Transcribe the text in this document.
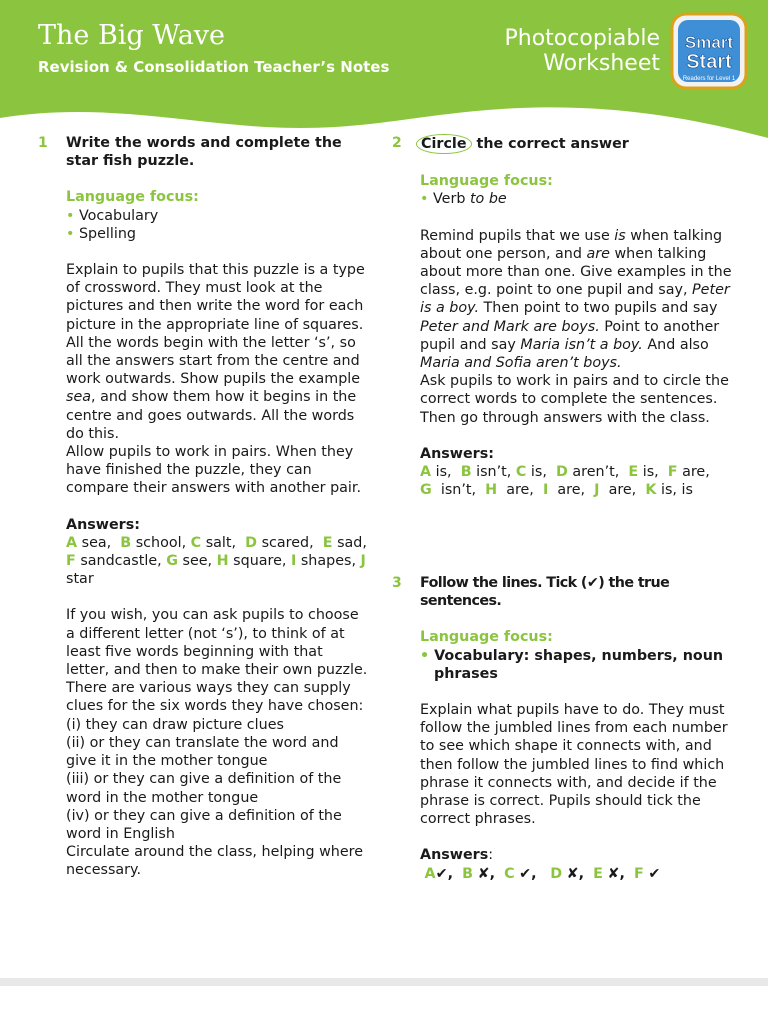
The Big Wave
Revision & Consolidation Teacher’s Notes
Photocopiable
Worksheet
Smart
Start
Readers for Level 1
1 Write the words and complete the star fish puzzle.

Language focus:

• Vocabulary

• Spelling

Explain to pupils that this puzzle is a type of crossword. They must look at the pictures and then write the word for each picture in the appropriate line of squares. All the words begin with the letter ‘s’, so all the answers start from the centre and work outwards. Show pupils the example sea, and show them how it begins in the centre and goes outwards. All the words do this.

Allow pupils to work in pairs. When they have finished the puzzle, they can compare their answers with another pair.

Answers:

A sea, B school, C salt, D scared, E sad, F sandcastle, G see, H square, I shapes, J star

If you wish, you can ask pupils to choose a different letter (not ‘s’), to think of at least five words beginning with that letter, and then to make their own puzzle. There are various ways they can supply clues for the six words they have chosen:

(i) they can draw picture clues

(ii) or they can translate the word and give it in the mother tongue

(iii) or they can give a definition of the word in the mother tongue

(iv) or they can give a definition of the word in English

Circulate around the class, helping where necessary.

2 Circle the correct answer

Language focus:

• Verb to be

Remind pupils that we use is when talking about one person, and are when talking about more than one. Give examples in the class, e.g. point to one pupil and say, Peter is a boy. Then point to two pupils and say Peter and Mark are boys. Point to another pupil and say Maria isn’t a boy. And also Maria and Sofia aren’t boys.

Ask pupils to work in pairs and to circle the correct words to complete the sentences. Then go through answers with the class.

Answers:

A is, B isn’t, C is, D aren’t, E is, F are,
G isn’t, H are, I are, J are, K is, is

3 Follow the lines. Tick (✔) the true sentences.

Language focus:

• Vocabulary: shapes, numbers, noun phrases

Explain what pupils have to do. They must follow the jumbled lines from each number to see which shape it connects with, and then follow the jumbled lines to find which phrase it connects with, and decide if the phrase is correct. Pupils should tick the correct phrases.

Answers:

A✔, B ✘, C ✔, D ✘, E ✘, F ✔
